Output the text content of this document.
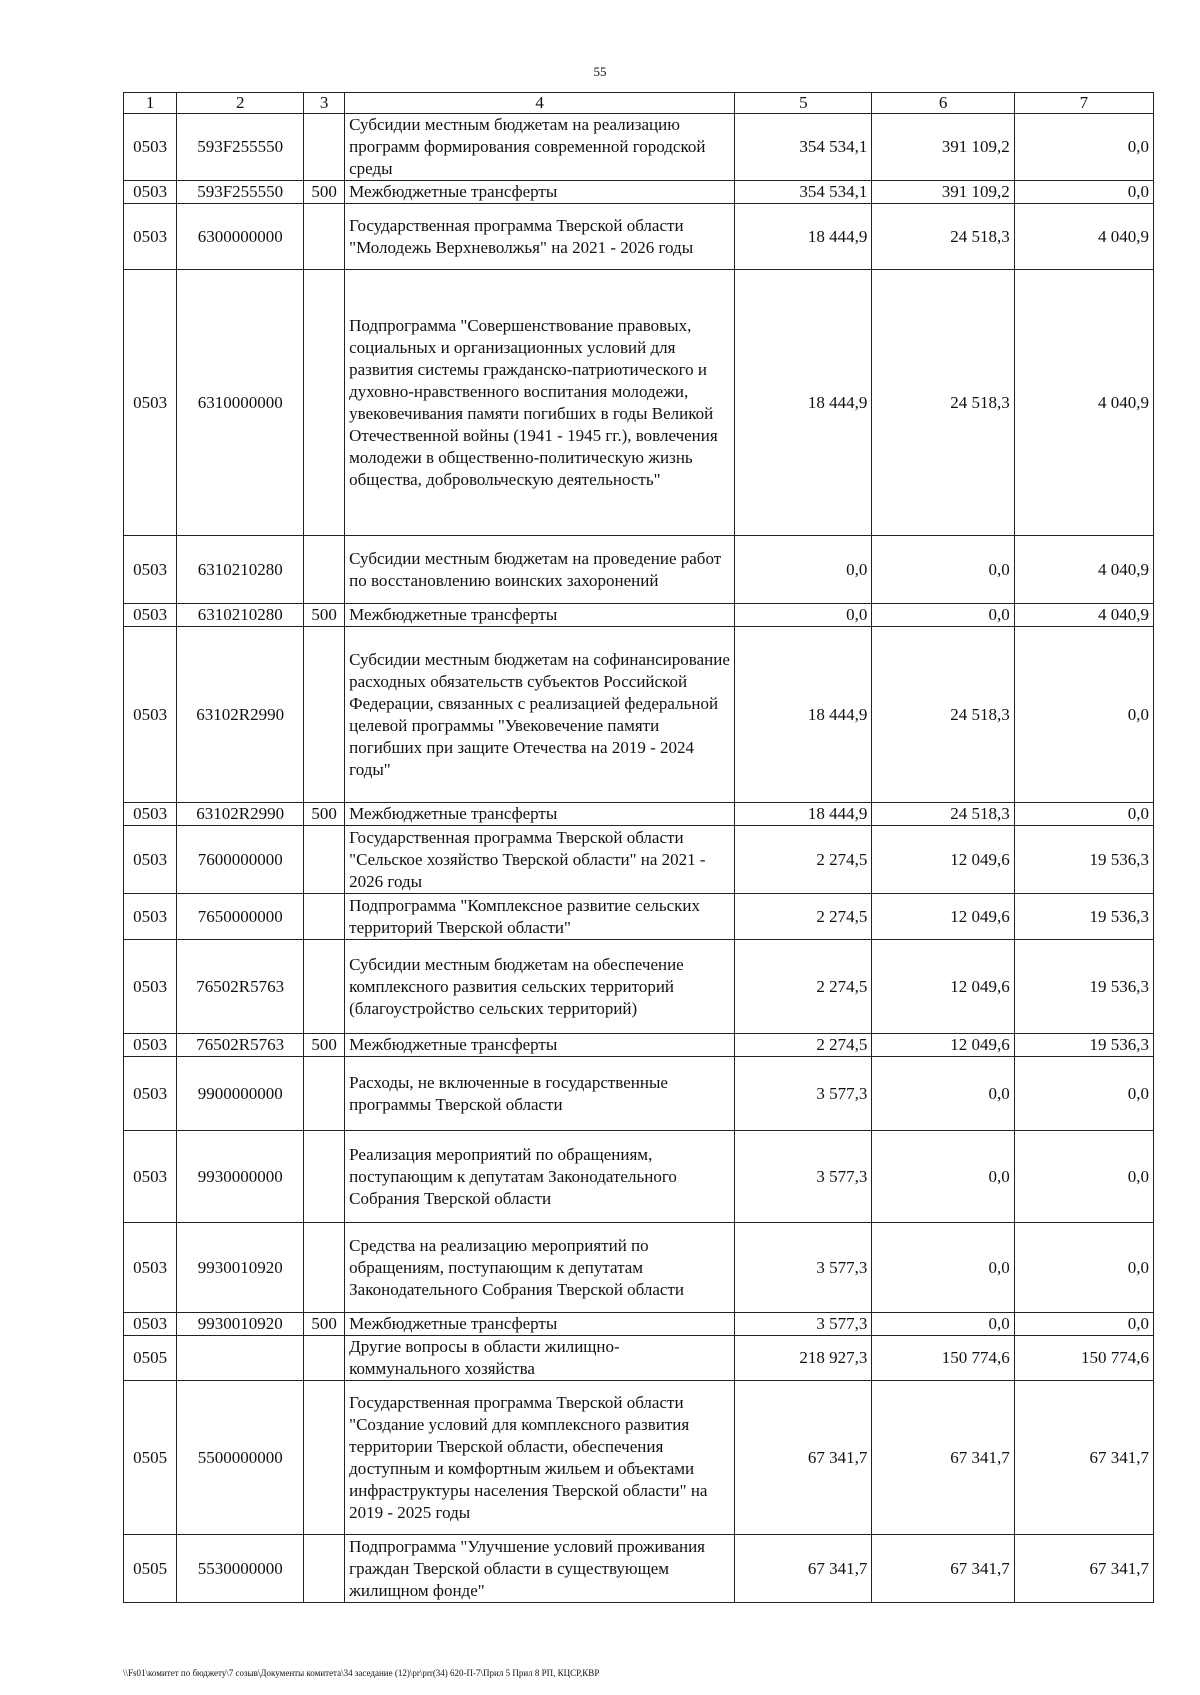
55
1	2	3	4	5	6	7
0503	593F255550		Субсидии местным бюджетам на реализацию программ формирования современной городской среды	354 534,1	391 109,2	0,0
0503	593F255550	500	Межбюджетные трансферты	354 534,1	391 109,2	0,0
0503	6300000000		Государственная программа Тверской области "Молодежь Верхневолжья" на 2021 - 2026 годы	18 444,9	24 518,3	4 040,9
0503	6310000000		Подпрограмма "Совершенствование правовых, социальных и организационных условий для развития системы гражданско-патриотического и духовно-нравственного воспитания молодежи, увековечивания памяти погибших в годы Великой Отечественной войны (1941 - 1945 гг.), вовлечения молодежи в общественно-политическую жизнь общества, добровольческую деятельность"	18 444,9	24 518,3	4 040,9
0503	6310210280		Субсидии местным бюджетам на проведение работ по восстановлению воинских захоронений	0,0	0,0	4 040,9
0503	6310210280	500	Межбюджетные трансферты	0,0	0,0	4 040,9
0503	63102R2990		Субсидии местным бюджетам на софинансирование расходных обязательств субъектов Российской Федерации, связанных с реализацией федеральной целевой программы "Увековечение памяти погибших при защите Отечества на 2019 - 2024 годы"	18 444,9	24 518,3	0,0
0503	63102R2990	500	Межбюджетные трансферты	18 444,9	24 518,3	0,0
0503	7600000000		Государственная программа Тверской области "Сельское хозяйство Тверской области" на 2021 - 2026 годы	2 274,5	12 049,6	19 536,3
0503	7650000000		Подпрограмма "Комплексное развитие сельских территорий Тверской области"	2 274,5	12 049,6	19 536,3
0503	76502R5763		Субсидии местным бюджетам на обеспечение комплексного развития сельских территорий (благоустройство сельских территорий)	2 274,5	12 049,6	19 536,3
0503	76502R5763	500	Межбюджетные трансферты	2 274,5	12 049,6	19 536,3
0503	9900000000		Расходы, не включенные в государственные программы Тверской области	3 577,3	0,0	0,0
0503	9930000000		Реализация мероприятий по обращениям, поступающим к депутатам Законодательного Собрания Тверской области	3 577,3	0,0	0,0
0503	9930010920		Средства на реализацию мероприятий по обращениям, поступающим к депутатам Законодательного Собрания Тверской области	3 577,3	0,0	0,0
0503	9930010920	500	Межбюджетные трансферты	3 577,3	0,0	0,0
0505			Другие вопросы в области жилищно-коммунального хозяйства	218 927,3	150 774,6	150 774,6
0505	5500000000		Государственная программа Тверской области "Создание условий для комплексного развития территории Тверской области, обеспечения доступным и комфортным жильем и объектами инфраструктуры населения Тверской области" на 2019 - 2025 годы	67 341,7	67 341,7	67 341,7
0505	5530000000		Подпрограмма "Улучшение условий проживания граждан Тверской области в существующем жилищном фонде"	67 341,7	67 341,7	67 341,7
\\Fs01\комитет по бюджету\7 созыв\Документы комитета\34 заседание (12)\pr\prr(34) 620-П-7\Прил 5 Прил 8 РП, КЦСР,КВР
